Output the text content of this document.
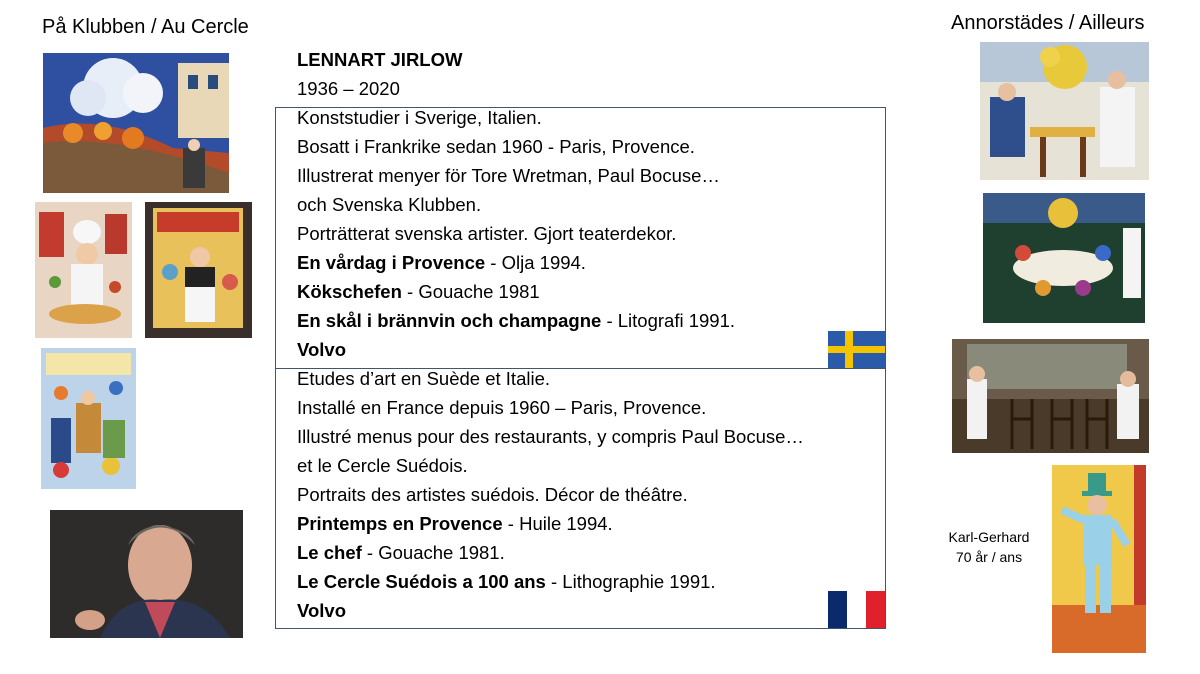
På Klubben / Au Cercle	Annorstädes / Ailleurs
LENNART JIRLOW
1936 – 2020
Konststudier i Sverige, Italien.
Bosatt i Frankrike sedan 1960 - Paris, Provence.
Illustrerat menyer för Tore Wretman, Paul Bocuse…
och Svenska Klubben.
Porträtterat svenska artister. Gjort teaterdekor.
En vårdag i Provence - Olja 1994.
Kökschefen - Gouache 1981
En skål i brännvin och champagne - Litografi 1991.
Volvo
Etudes d’art en Suède et Italie.
Installé en France depuis 1960 – Paris, Provence.
Illustré menus pour des restaurants, y compris Paul Bocuse…
et le Cercle Suédois.
Portraits des artistes suédois. Décor de théâtre.
Printemps en Provence - Huile 1994.
Le chef - Gouache 1981.
Le Cercle Suédois a 100 ans - Lithographie 1991.
Volvo
Karl-Gerhard
70 år / ans
